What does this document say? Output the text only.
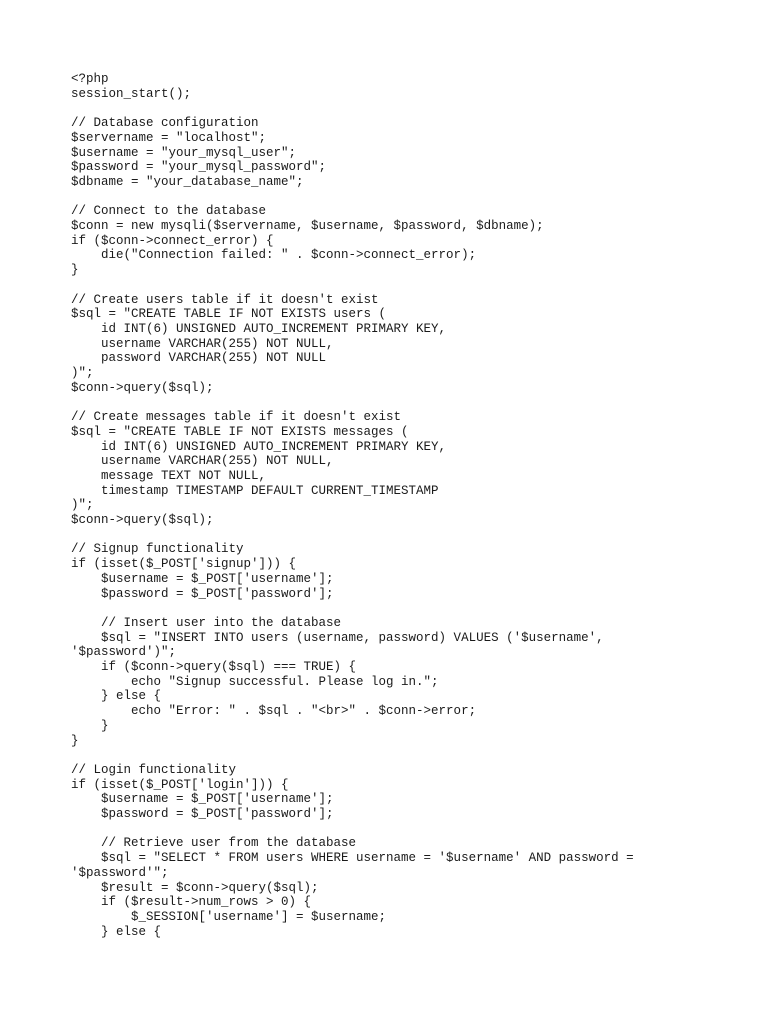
<?php
session_start();
// Database configuration
$servername = "localhost";
$username = "your_mysql_user";
$password = "your_mysql_password";
$dbname = "your_database_name";
// Connect to the database
$conn = new mysqli($servername, $username, $password, $dbname);
if ($conn->connect_error) {
die("Connection failed: " . $conn->connect_error);
}
// Create users table if it doesn't exist
$sql = "CREATE TABLE IF NOT EXISTS users (
id INT(6) UNSIGNED AUTO_INCREMENT PRIMARY KEY,
username VARCHAR(255) NOT NULL,
password VARCHAR(255) NOT NULL
)";
$conn->query($sql);
// Create messages table if it doesn't exist
$sql = "CREATE TABLE IF NOT EXISTS messages (
id INT(6) UNSIGNED AUTO_INCREMENT PRIMARY KEY,
username VARCHAR(255) NOT NULL,
message TEXT NOT NULL,
timestamp TIMESTAMP DEFAULT CURRENT_TIMESTAMP
)";
$conn->query($sql);
// Signup functionality
if (isset($_POST['signup'])) {
$username = $_POST['username'];
$password = $_POST['password'];
// Insert user into the database
$sql = "INSERT INTO users (username, password) VALUES ('$username',
'$password')";
if ($conn->query($sql) === TRUE) {
echo "Signup successful. Please log in.";
} else {
echo "Error: " . $sql . "<br>" . $conn->error;
}
}
// Login functionality
if (isset($_POST['login'])) {
$username = $_POST['username'];
$password = $_POST['password'];
// Retrieve user from the database
$sql = "SELECT * FROM users WHERE username = '$username' AND password =
'$password'";
$result = $conn->query($sql);
if ($result->num_rows > 0) {
$_SESSION['username'] = $username;
} else {
